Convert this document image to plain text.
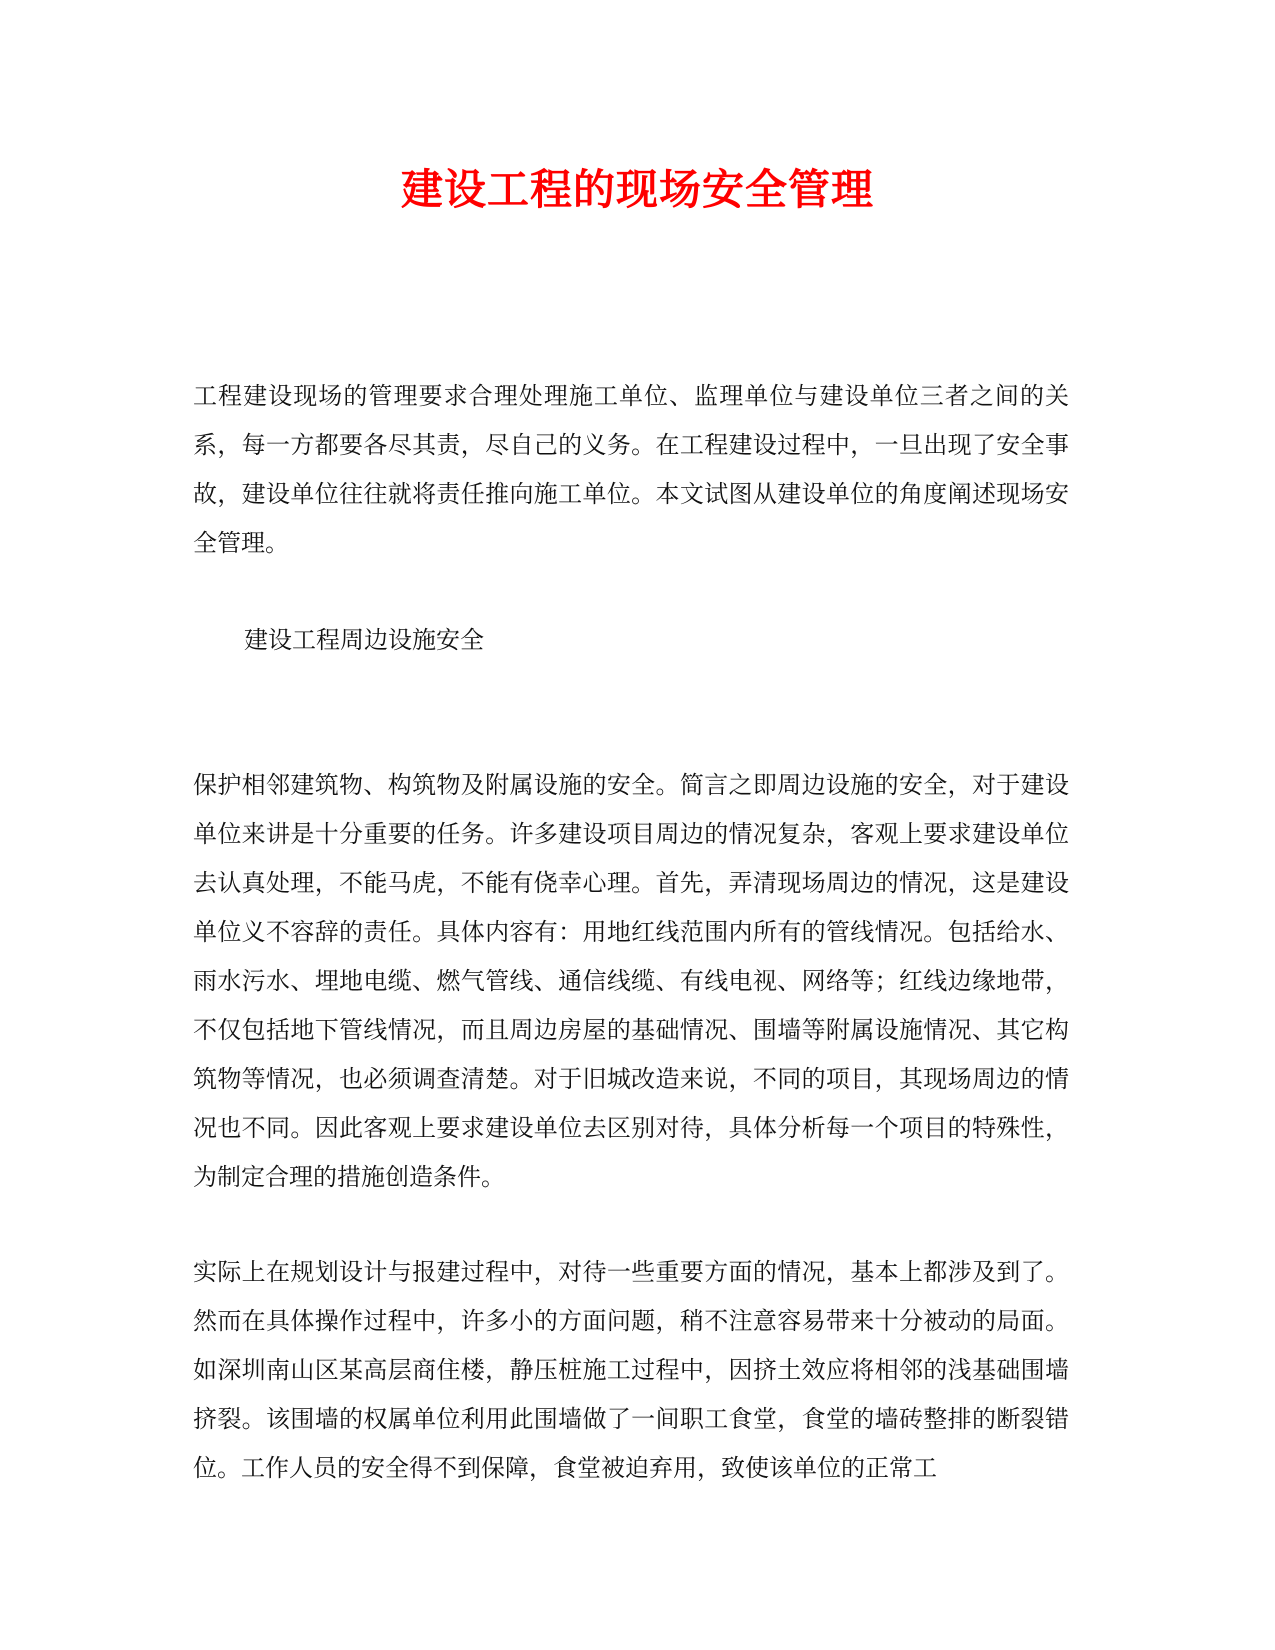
建设工程的现场安全管理

工程建设现场的管理要求合理处理施工单位、监理单位与建设单位三者之间的关系，每一方都要各尽其责，尽自己的义务。在工程建设过程中，一旦出现了安全事故，建设单位往往就将责任推向施工单位。本文试图从建设单位的角度阐述现场安全管理。

建设工程周边设施安全

保护相邻建筑物、构筑物及附属设施的安全。简言之即周边设施的安全，对于建设单位来讲是十分重要的任务。许多建设项目周边的情况复杂，客观上要求建设单位去认真处理，不能马虎，不能有侥幸心理。首先，弄清现场周边的情况，这是建设单位义不容辞的责任。具体内容有：用地红线范围内所有的管线情况。包括给水、雨水污水、埋地电缆、燃气管线、通信线缆、有线电视、网络等；红线边缘地带，不仅包括地下管线情况，而且周边房屋的基础情况、围墙等附属设施情况、其它构筑物等情况，也必须调查清楚。对于旧城改造来说，不同的项目，其现场周边的情况也不同。因此客观上要求建设单位去区别对待，具体分析每一个项目的特殊性，为制定合理的措施创造条件。

实际上在规划设计与报建过程中，对待一些重要方面的情况，基本上都涉及到了。然而在具体操作过程中，许多小的方面问题，稍不注意容易带来十分被动的局面。如深圳南山区某高层商住楼，静压桩施工过程中，因挤土效应将相邻的浅基础围墙挤裂。该围墙的权属单位利用此围墙做了一间职工食堂，食堂的墙砖整排的断裂错位。工作人员的安全得不到保障，食堂被迫弃用，致使该单位的正常工
